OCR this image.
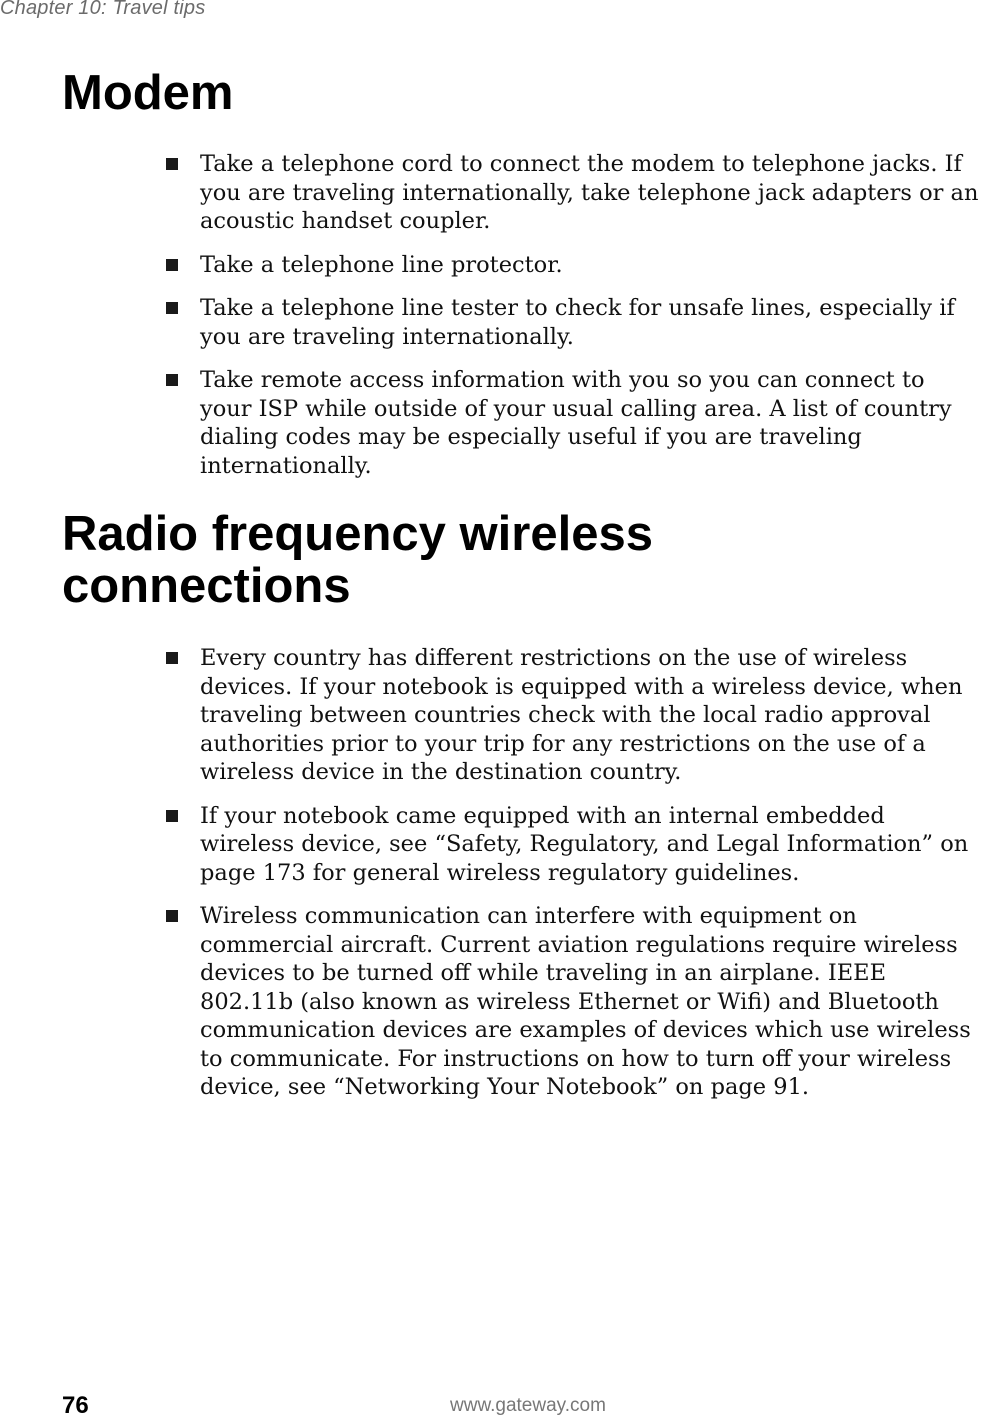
Chapter 10: Travel tips
Modem
Take a telephone cord to connect the modem to telephone jacks. If you are traveling internationally, take telephone jack adapters or an acoustic handset coupler.
Take a telephone line protector.
Take a telephone line tester to check for unsafe lines, especially if you are traveling internationally.
Take remote access information with you so you can connect to your ISP while outside of your usual calling area. A list of country dialing codes may be especially useful if you are traveling internationally.
Radio frequency wireless connections
Every country has different restrictions on the use of wireless devices. If your notebook is equipped with a wireless device, when traveling between countries check with the local radio approval authorities prior to your trip for any restrictions on the use of a wireless device in the destination country.
If your notebook came equipped with an internal embedded wireless device, see “Safety, Regulatory, and Legal Information” on page 173 for general wireless regulatory guidelines.
Wireless communication can interfere with equipment on commercial aircraft. Current aviation regulations require wireless devices to be turned off while traveling in an airplane. IEEE 802.11b (also known as wireless Ethernet or Wifi) and Bluetooth communication devices are examples of devices which use wireless to communicate. For instructions on how to turn off your wireless device, see “Networking Your Notebook” on page 91.
76	www.gateway.com
